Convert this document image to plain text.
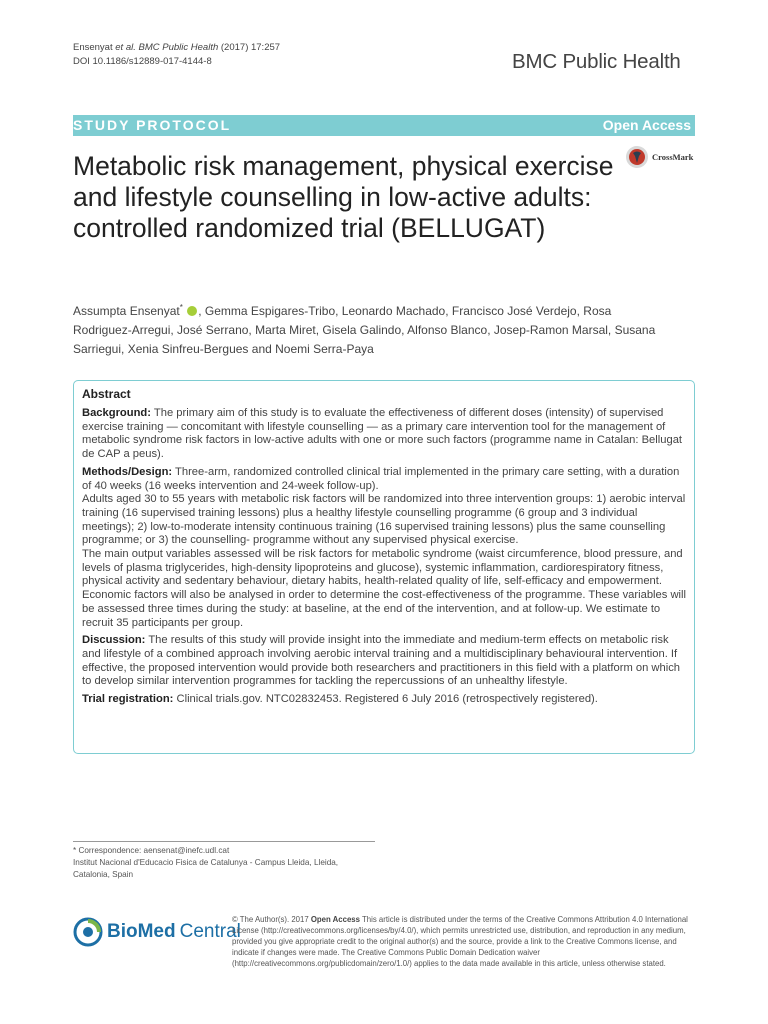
Ensenyat et al. BMC Public Health (2017) 17:257
DOI 10.1186/s12889-017-4144-8	BMC Public Health
STUDY PROTOCOL	Open Access
Metabolic risk management, physical exercise and lifestyle counselling in low-active adults: controlled randomized trial (BELLUGAT)
CrossMark
Assumpta Ensenyat* , Gemma Espigares-Tribo, Leonardo Machado, Francisco José Verdejo, Rosa Rodriguez-Arregui, José Serrano, Marta Miret, Gisela Galindo, Alfonso Blanco, Josep-Ramon Marsal, Susana Sarriegui, Xenia Sinfreu-Bergues and Noemi Serra-Paya
Abstract

Background: The primary aim of this study is to evaluate the effectiveness of different doses (intensity) of supervised exercise training — concomitant with lifestyle counselling — as a primary care intervention tool for the management of metabolic syndrome risk factors in low-active adults with one or more such factors (programme name in Catalan: Bellugat de CAP a peus).

Methods/Design: Three-arm, randomized controlled clinical trial implemented in the primary care setting, with a duration of 40 weeks (16 weeks intervention and 24-week follow-up).

Adults aged 30 to 55 years with metabolic risk factors will be randomized into three intervention groups: 1) aerobic interval training (16 supervised training lessons) plus a healthy lifestyle counselling programme (6 group and 3 individual meetings); 2) low-to-moderate intensity continuous training (16 supervised training lessons) plus the same counselling programme; or 3) the counselling- programme without any supervised physical exercise.

The main output variables assessed will be risk factors for metabolic syndrome (waist circumference, blood pressure, and levels of plasma triglycerides, high-density lipoproteins and glucose), systemic inflammation, cardiorespiratory fitness, physical activity and sedentary behaviour, dietary habits, health-related quality of life, self-efficacy and empowerment. Economic factors will also be analysed in order to determine the cost-effectiveness of the programme. These variables will be assessed three times during the study: at baseline, at the end of the intervention, and at follow-up. We estimate to recruit 35 participants per group.

Discussion: The results of this study will provide insight into the immediate and medium-term effects on metabolic risk and lifestyle of a combined approach involving aerobic interval training and a multidisciplinary behavioural intervention. If effective, the proposed intervention would provide both researchers and practitioners in this field with a platform on which to develop similar intervention programmes for tackling the repercussions of an unhealthy lifestyle.

Trial registration: Clinical trials.gov. NTC02832453. Registered 6 July 2016 (retrospectively registered).

* Correspondence: aensenat@inefc.udl.cat
Institut Nacional d'Educacio Fisica de Catalunya - Campus Lleida, Lleida,
Catalonia, Spain
BioMed Central
© The Author(s). 2017 Open Access This article is distributed under the terms of the Creative Commons Attribution 4.0 International License (http://creativecommons.org/licenses/by/4.0/), which permits unrestricted use, distribution, and reproduction in any medium, provided you give appropriate credit to the original author(s) and the source, provide a link to the Creative Commons license, and indicate if changes were made. The Creative Commons Public Domain Dedication waiver (http://creativecommons.org/publicdomain/zero/1.0/) applies to the data made available in this article, unless otherwise stated.
